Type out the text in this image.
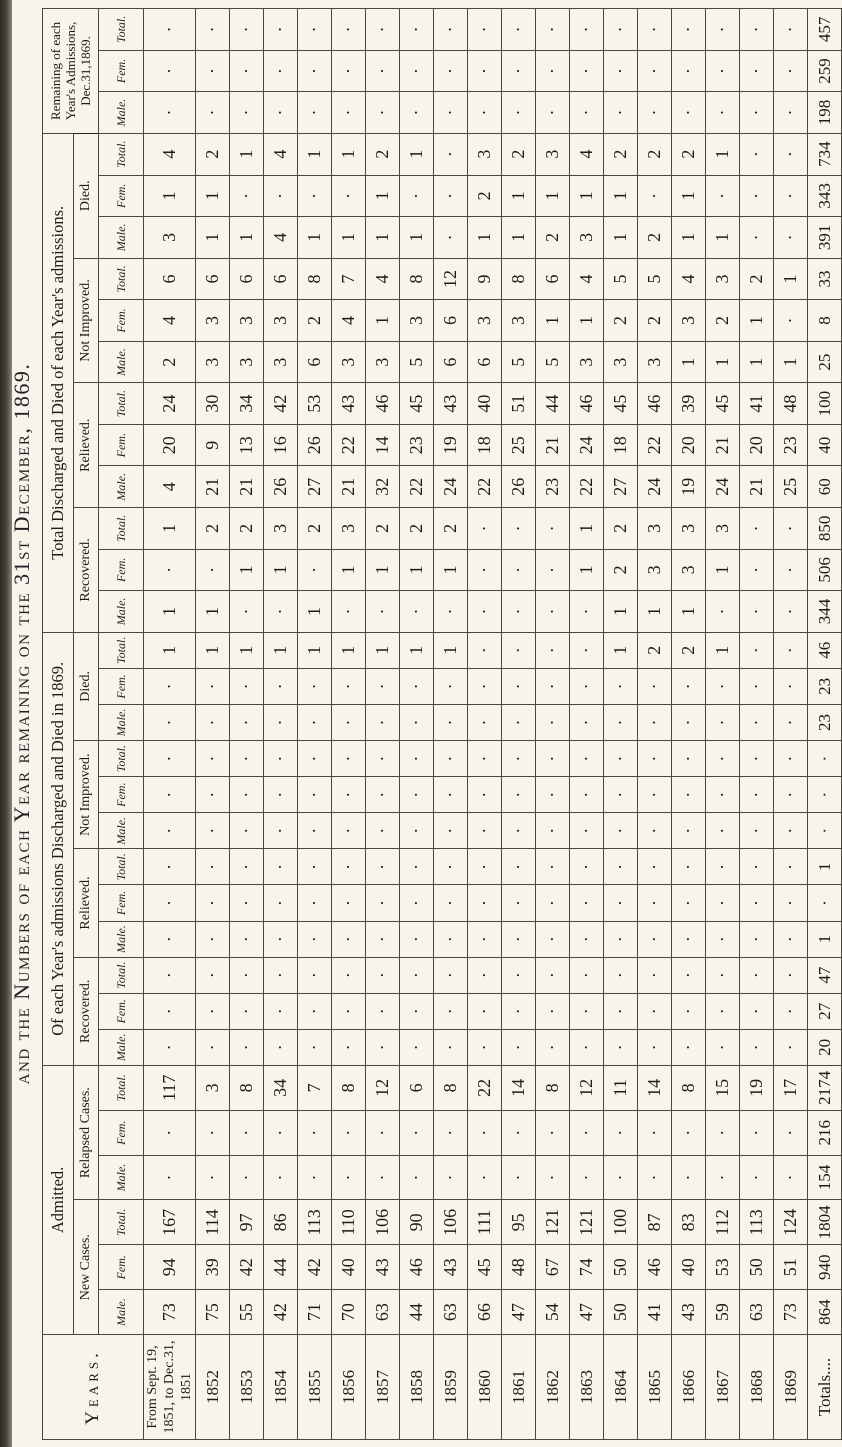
and the Numbers of each Year remaining on the 31st December, 1869.
Years.	Admitted.						Of each Year's admissions Discharged and Died in 1869.												Total Discharged and Died of each Year's admissions.												Remaining of each Year's Admissions, Dec.31,1869.		
	New Cases.			Relapsed Cases.			Recovered.			Relieved.			Not Improved.			Died.			Recovered.			Relieved.			Not Improved.			Died.					
	Male.	Fem.	Total.	Male.	Fem.	Total.	Male.	Fem.	Total.	Male.	Fem.	Total.	Male.	Fem.	Total.	Male.	Fem.	Total.	Male.	Fem.	Total.	Male.	Fem.	Total.	Male.	Fem.	Total.	Male.	Fem.	Total.	Male.	Fem.	Total.
From Sept. 19, 1851, to Dec.31, 1851	73	94	167	·	·	117	·	·	·	·	·	·	·	·	·	·	·	1	1	·	1	4	20	24	2	4	6	3	1	4	·	·	·
1852	75	39	114	·	·	3	·	·	·	·	·	·	·	·	·	·	·	1	1	·	2	21	9	30	3	3	6	1	1	2	·	·	·
1853	55	42	97	·	·	8	·	·	·	·	·	·	·	·	·	·	·	1	·	1	2	21	13	34	3	3	6	1	·	1	·	·	·
1854	42	44	86	·	·	34	·	·	·	·	·	·	·	·	·	·	·	1	·	1	3	26	16	42	3	3	6	4	·	4	·	·	·
1855	71	42	113	·	·	7	·	·	·	·	·	·	·	·	·	·	·	1	1	·	2	27	26	53	6	2	8	1	·	1	·	·	·
1856	70	40	110	·	·	8	·	·	·	·	·	·	·	·	·	·	·	1	·	1	3	21	22	43	3	4	7	1	·	1	·	·	·
1857	63	43	106	·	·	12	·	·	·	·	·	·	·	·	·	·	·	1	·	1	2	32	14	46	3	1	4	1	1	2	·	·	·
1858	44	46	90	·	·	6	·	·	·	·	·	·	·	·	·	·	·	1	·	1	2	22	23	45	5	3	8	1	·	1	·	·	·
1859	63	43	106	·	·	8	·	·	·	·	·	·	·	·	·	·	·	1	·	1	2	24	19	43	6	6	12	·	·	·	·	·	·
1860	66	45	111	·	·	22	·	·	·	·	·	·	·	·	·	·	·	·	·	·	·	22	18	40	6	3	9	1	2	3	·	·	·
1861	47	48	95	·	·	14	·	·	·	·	·	·	·	·	·	·	·	·	·	·	·	26	25	51	5	3	8	1	1	2	·	·	·
1862	54	67	121	·	·	8	·	·	·	·	·	·	·	·	·	·	·	·	·	·	·	23	21	44	5	1	6	2	1	3	·	·	·
1863	47	74	121	·	·	12	·	·	·	·	·	·	·	·	·	·	·	·	·	1	1	22	24	46	3	1	4	3	1	4	·	·	·
1864	50	50	100	·	·	11	·	·	·	·	·	·	·	·	·	·	·	1	1	2	2	27	18	45	3	2	5	1	1	2	·	·	·
1865	41	46	87	·	·	14	·	·	·	·	·	·	·	·	·	·	·	2	1	3	3	24	22	46	3	2	5	2	·	2	·	·	·
1866	43	40	83	·	·	8	·	·	·	·	·	·	·	·	·	·	·	2	1	3	3	19	20	39	1	3	4	1	1	2	·	·	·
1867	59	53	112	·	·	15	·	·	·	·	·	·	·	·	·	·	·	1	·	1	3	24	21	45	1	2	3	1	·	1	·	·	·
1868	63	50	113	·	·	19	·	·	·	·	·	·	·	·	·	·	·	·	·	·	·	21	20	41	1	1	2	·	·	·	·	·	·
1869	73	51	124	·	·	17	·	·	·	·	·	·	·	·	·	·	·	·	·	·	·	25	23	48	1	·	1	·	·	·	·	·	·
Totals....	864	940	1804	154	216	2174	20	27	47	1	·	1	·	·	·	23	23	46	344	506	850	60	40	100	25	8	33	391	343	734	198	259	457
